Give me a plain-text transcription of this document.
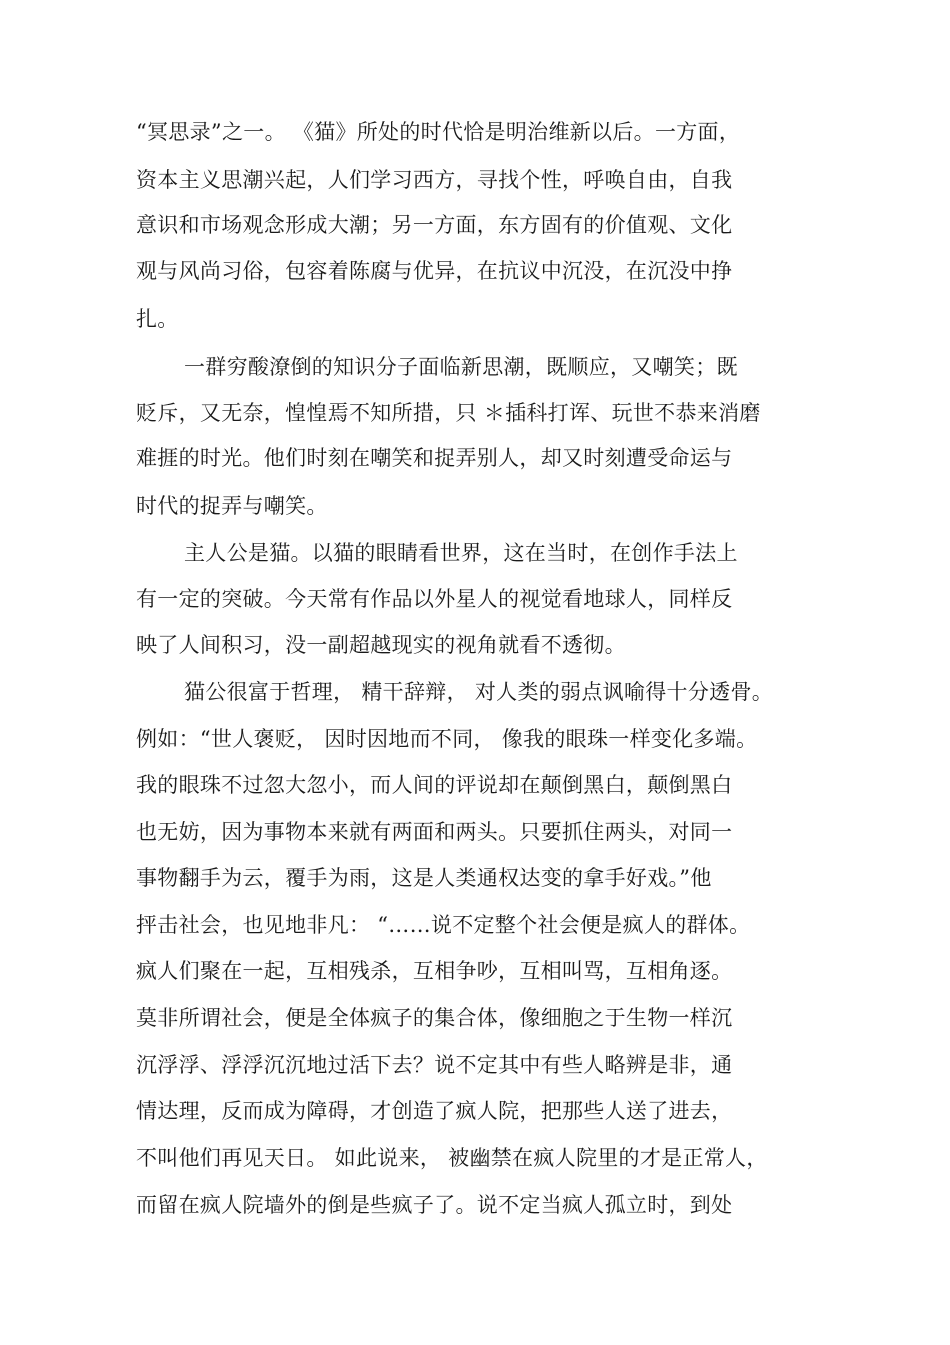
“冥思录”之一。 《猫》所处的时代恰是明治维新以后。一方面，
资本主义思潮兴起，人们学习西方，寻找个性，呼唤自由，自我
意识和市场观念形成大潮；另一方面，东方固有的价值观、文化
观与风尚习俗，包容着陈腐与优异，在抗议中沉没，在沉没中挣
扎。
一群穷酸潦倒的知识分子面临新思潮，既顺应，又嘲笑；既
贬斥，又无奈，惶惶焉不知所措，只 ＊插科打诨、玩世不恭来消磨
难捱的时光。他们时刻在嘲笑和捉弄别人，却又时刻遭受命运与
时代的捉弄与嘲笑。
主人公是猫。以猫的眼睛看世界，这在当时，在创作手法上
有一定的突破。今天常有作品以外星人的视觉看地球人，同样反
映了人间积习，没一副超越现实的视角就看不透彻。
猫公很富于哲理， 精干辞辩， 对人类的弱点讽喻得十分透骨。
例如：“世人褒贬， 因时因地而不同， 像我的眼珠一样变化多端。
我的眼珠不过忽大忽小，而人间的评说却在颠倒黑白，颠倒黑白
也无妨，因为事物本来就有两面和两头。只要抓住两头，对同一
事物翻手为云，覆手为雨，这是人类通权达变的拿手好戏。”他
抨击社会，也见地非凡： “……说不定整个社会便是疯人的群体。
疯人们聚在一起，互相残杀，互相争吵，互相叫骂，互相角逐。
莫非所谓社会，便是全体疯子的集合体，像细胞之于生物一样沉
沉浮浮、浮浮沉沉地过活下去？说不定其中有些人略辨是非，通
情达理，反而成为障碍，才创造了疯人院，把那些人送了进去，
不叫他们再见天日。 如此说来， 被幽禁在疯人院里的才是正常人，
而留在疯人院墙外的倒是些疯子了。说不定当疯人孤立时，到处
